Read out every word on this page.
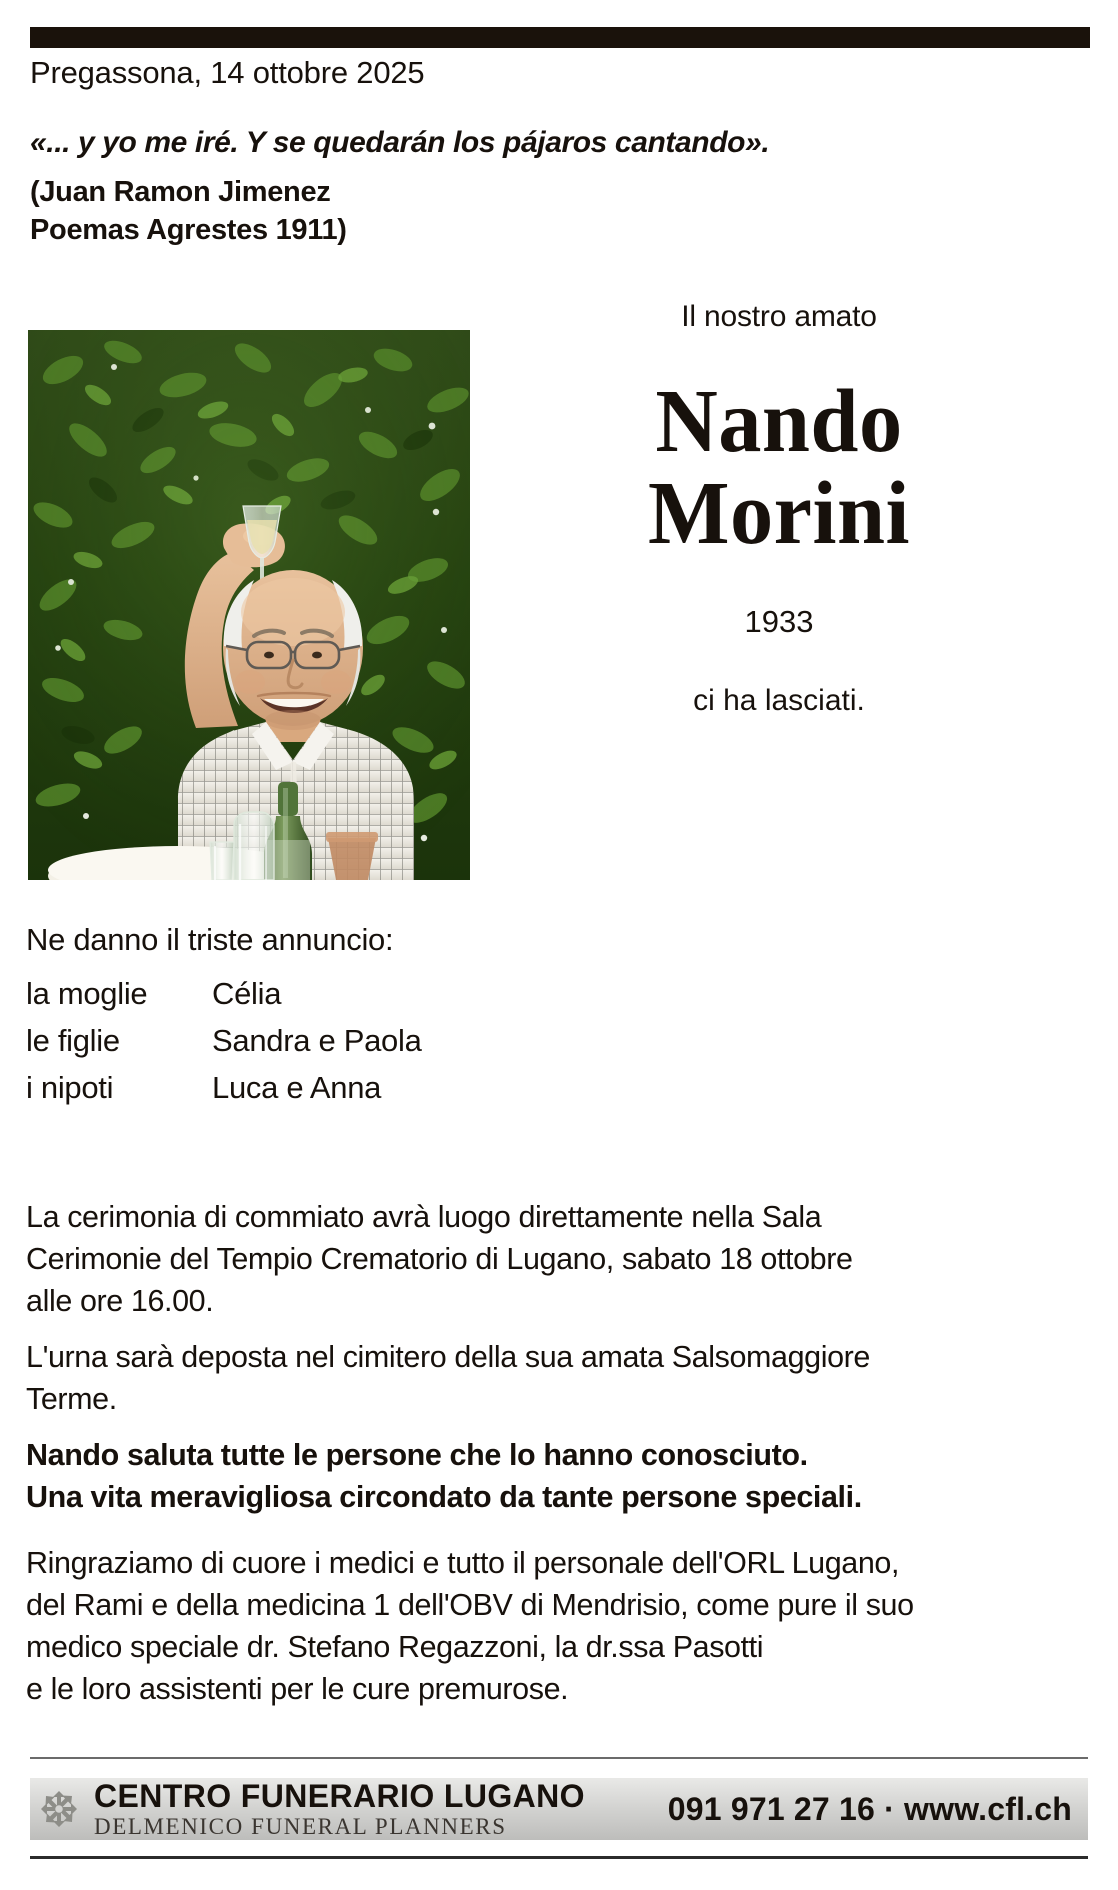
Pregassona, 14 ottobre 2025
«... y yo me iré. Y se quedarán los pájaros cantando».
(Juan Ramon Jimenez
Poemas Agrestes 1911)
Il nostro amato
Nando
Morini
1933
ci ha lasciati.
Ne danno il triste annuncio:
la moglie	Célia
le figlie	Sandra e Paola
i nipoti	Luca e Anna
La cerimonia di commiato avrà luogo direttamente nella Sala
Cerimonie del Tempio Crematorio di Lugano, sabato 18 ottobre
alle ore 16.00.
L'urna sarà deposta nel cimitero della sua amata Salsomaggiore
Terme.
Nando saluta tutte le persone che lo hanno conosciuto.
Una vita meravigliosa circondato da tante persone speciali.
Ringraziamo di cuore i medici e tutto il personale dell'ORL Lugano,
del Rami e della medicina 1 dell'OBV di Mendrisio, come pure il suo
medico speciale dr. Stefano Regazzoni, la dr.ssa Pasotti
e le loro assistenti per le cure premurose.
CENTRO FUNERARIO LUGANO
DELMENICO FUNERAL PLANNERS	091 971 27 16 · www.cfl.ch
